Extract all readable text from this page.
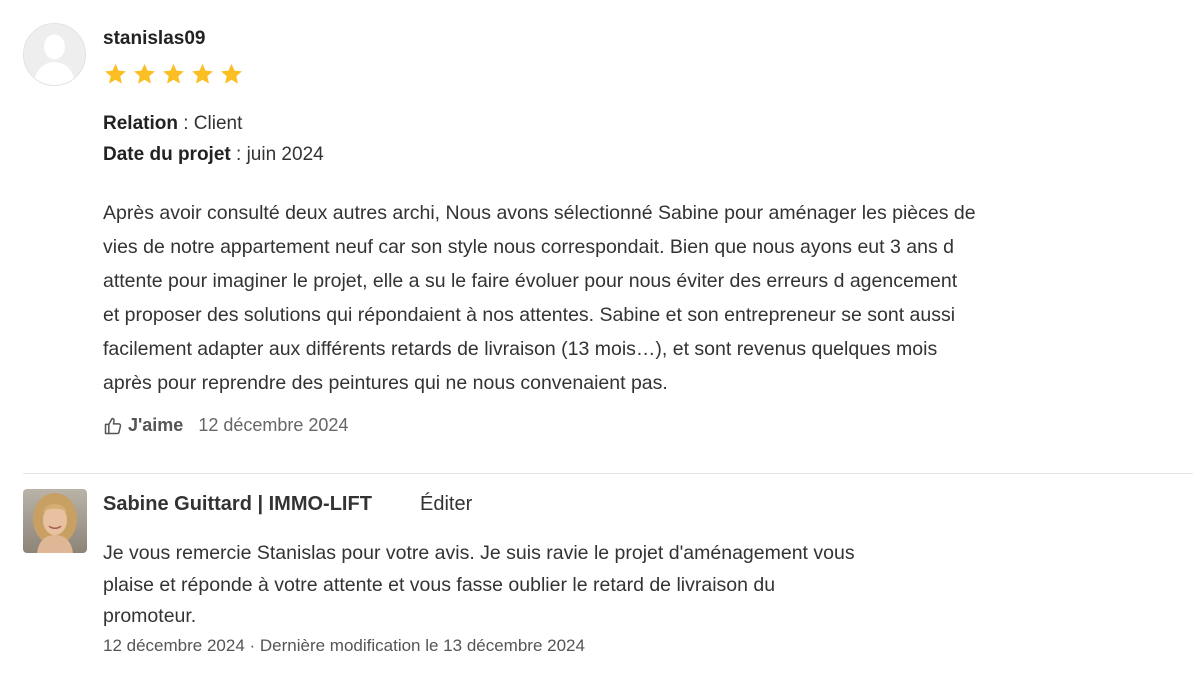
stanislas09
Relation : Client
Date du projet : juin 2024

Après avoir consulté deux autres archi, Nous avons sélectionné Sabine pour aménager les pièces de
vies de notre appartement neuf car son style nous correspondait. Bien que nous ayons eut 3 ans d
attente pour imaginer le projet, elle a su le faire évoluer pour nous éviter des erreurs d agencement
et proposer des solutions qui répondaient à nos attentes. Sabine et son entrepreneur se sont aussi
facilement adapter aux différents retards de livraison (13 mois…), et sont revenus quelques mois
après pour reprendre des peintures qui ne nous convenaient pas.

J'aime 12 décembre 2024
Sabine Guittard | IMMO-LIFT Éditer

Je vous remercie Stanislas pour votre avis. Je suis ravie le projet d'aménagement vous
plaise et réponde à votre attente et vous fasse oublier le retard de livraison du
promoteur.

12 décembre 2024 · Dernière modification le 13 décembre 2024
